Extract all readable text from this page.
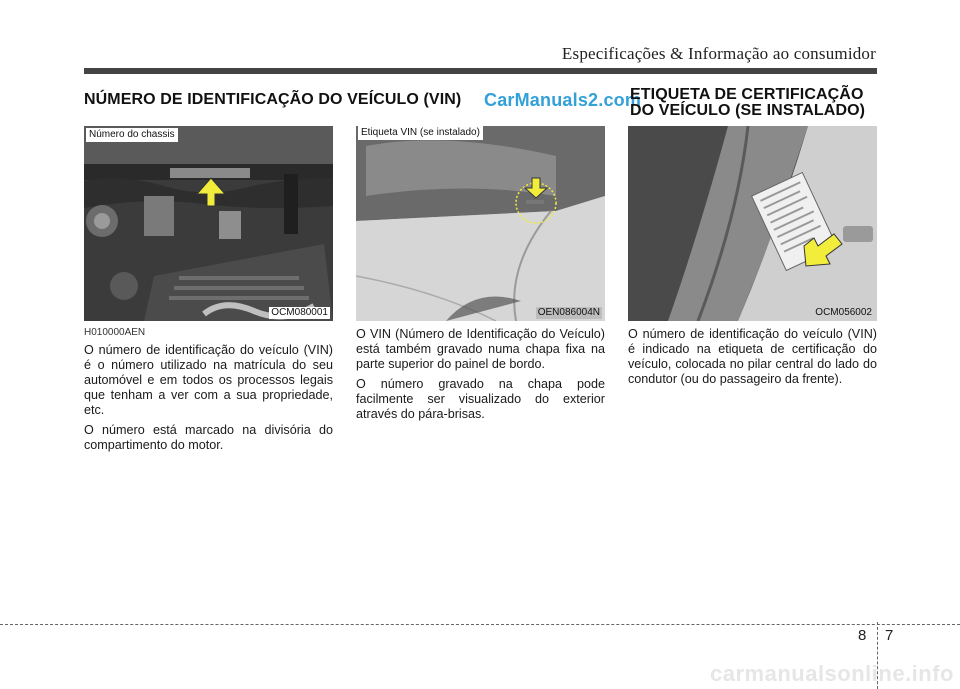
Especificações & Informação ao consumidor
NÚMERO DE IDENTIFICAÇÃO DO VEÍCULO (VIN) CarManuals2.com
ETIQUETA DE CERTIFICAÇÃO
DO VEÍCULO (SE INSTALADO)
Número do chassis
OCM080001
Etiqueta VIN (se instalado)
OEN086004N	OCM056002
H010000AEN

O número de identificação do veículo (VIN) é o número utilizado na matrícula do seu automóvel e em todos os processos legais que tenham a ver com a sua propriedade, etc.

O número está marcado na divisória do compartimento do motor.

O VIN (Número de Identificação do Veículo) está também gravado numa chapa fixa na parte superior do painel de bordo.

O número gravado na chapa pode facilmente ser visualizado do exterior através do pára-brisas.

O número de identificação do veículo (VIN) é indicado na etiqueta de certificação do veículo, colocada no pilar central do lado do condutor (ou do passageiro da frente).

8 7
carmanualsonline.info
